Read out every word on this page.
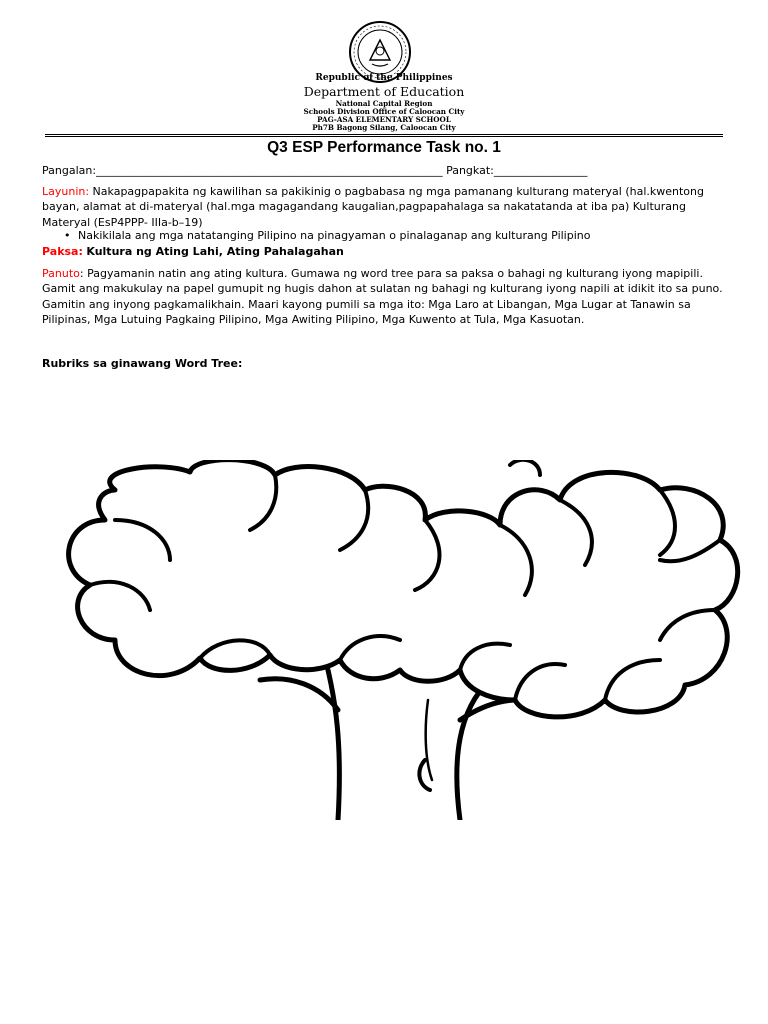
Republic of the Philippines
Department of Education
National Capital Region
Schools Division Office of Caloocan City
PAG-ASA ELEMENTARY SCHOOL
Ph7B Bagong Silang, Caloocan City
Q3 ESP Performance Task no. 1
Pangalan:_______________________________________________________________ Pangkat:_________________
Layunin: Nakapagpapakita ng kawilihan sa pakikinig o pagbabasa ng mga pamanang kulturang materyal (hal.kwentong bayan, alamat at di-materyal (hal.mga magagandang kaugalian,pagpapahalaga sa nakatatanda at iba pa) Kulturang Materyal (EsP4PPP- IIIa-b–19)
• Nakikilala ang mga natatanging Pilipino na pinagyaman o pinalaganap ang kulturang Pilipino
Paksa: Kultura ng Ating Lahi, Ating Pahalagahan
Panuto: Pagyamanin natin ang ating kultura. Gumawa ng word tree para sa paksa o bahagi ng kulturang iyong mapipili. Gamit ang makukulay na papel gumupit ng hugis dahon at sulatan ng bahagi ng kulturang iyong napili at idikit ito sa puno. Gamitin ang inyong pagkamalikhain. Maari kayong pumili sa mga ito: Mga Laro at Libangan, Mga Lugar at Tanawin sa Pilipinas, Mga Lutuing Pagkaing Pilipino, Mga Awiting Pilipino, Mga Kuwento at Tula, Mga Kasuotan.
Rubriks sa ginawang Word Tree:
